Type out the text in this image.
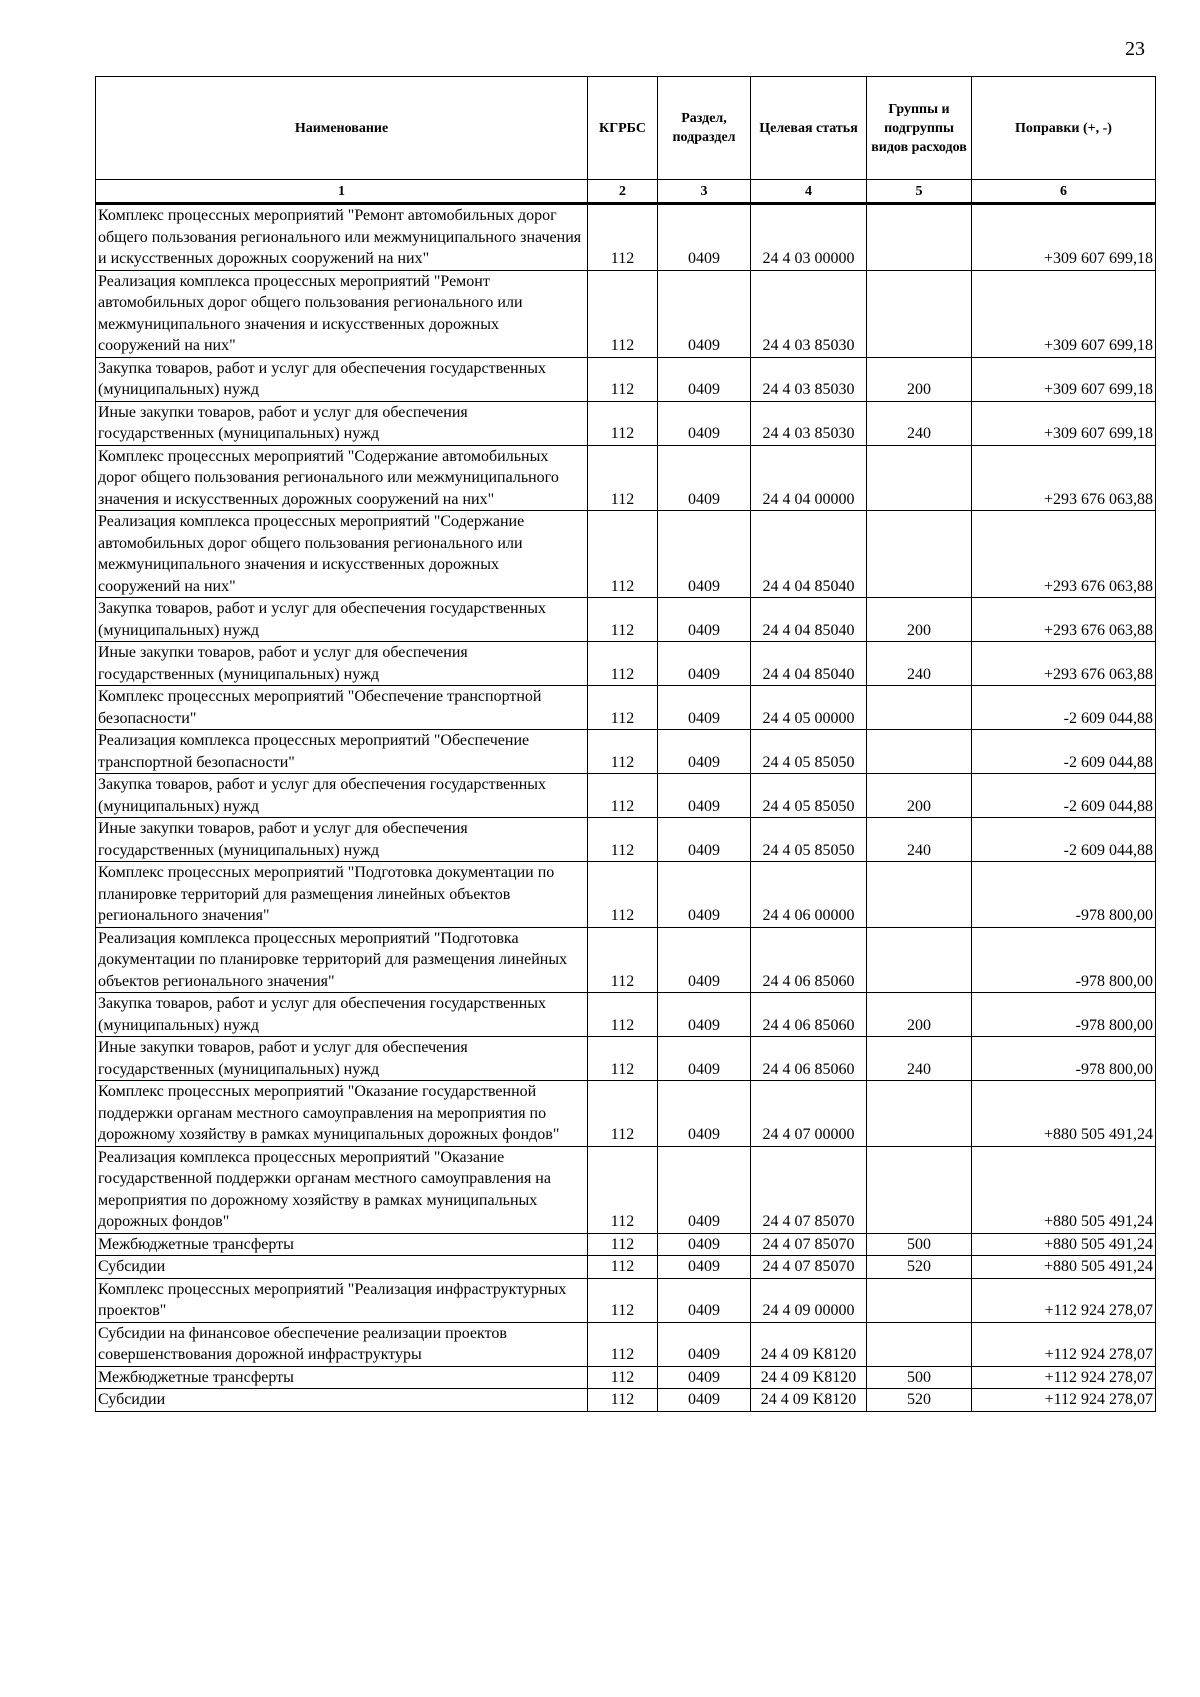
23
Наименование	КГРБС	Раздел, подраздел	Целевая статья	Группы и подгруппы видов расходов	Поправки (+, -)
1	2	3	4	5	6
Комплекс процессных мероприятий "Ремонт автомобильных дорог общего пользования регионального или межмуниципального значения и искусственных дорожных сооружений на них"	112	0409	24 4 03 00000		+309 607 699,18
Реализация комплекса процессных мероприятий "Ремонт автомобильных дорог общего пользования регионального или межмуниципального значения и искусственных дорожных сооружений на них"	112	0409	24 4 03 85030		+309 607 699,18
Закупка товаров, работ и услуг для обеспечения государственных (муниципальных) нужд	112	0409	24 4 03 85030	200	+309 607 699,18
Иные закупки товаров, работ и услуг для обеспечения государственных (муниципальных) нужд	112	0409	24 4 03 85030	240	+309 607 699,18
Комплекс процессных мероприятий "Содержание автомобильных дорог общего пользования регионального или межмуниципального значения и искусственных дорожных сооружений на них"	112	0409	24 4 04 00000		+293 676 063,88
Реализация комплекса процессных мероприятий "Содержание автомобильных дорог общего пользования регионального или межмуниципального значения и искусственных дорожных сооружений на них"	112	0409	24 4 04 85040		+293 676 063,88
Закупка товаров, работ и услуг для обеспечения государственных (муниципальных) нужд	112	0409	24 4 04 85040	200	+293 676 063,88
Иные закупки товаров, работ и услуг для обеспечения государственных (муниципальных) нужд	112	0409	24 4 04 85040	240	+293 676 063,88
Комплекс процессных мероприятий "Обеспечение транспортной безопасности"	112	0409	24 4 05 00000		-2 609 044,88
Реализация комплекса процессных мероприятий "Обеспечение транспортной безопасности"	112	0409	24 4 05 85050		-2 609 044,88
Закупка товаров, работ и услуг для обеспечения государственных (муниципальных) нужд	112	0409	24 4 05 85050	200	-2 609 044,88
Иные закупки товаров, работ и услуг для обеспечения государственных (муниципальных) нужд	112	0409	24 4 05 85050	240	-2 609 044,88
Комплекс процессных мероприятий "Подготовка документации по планировке территорий для размещения линейных объектов регионального значения"	112	0409	24 4 06 00000		-978 800,00
Реализация комплекса процессных мероприятий "Подготовка документации по планировке территорий для размещения линейных объектов регионального значения"	112	0409	24 4 06 85060		-978 800,00
Закупка товаров, работ и услуг для обеспечения государственных (муниципальных) нужд	112	0409	24 4 06 85060	200	-978 800,00
Иные закупки товаров, работ и услуг для обеспечения государственных (муниципальных) нужд	112	0409	24 4 06 85060	240	-978 800,00
Комплекс процессных мероприятий "Оказание государственной поддержки органам местного самоуправления на мероприятия по дорожному хозяйству в рамках муниципальных дорожных фондов"	112	0409	24 4 07 00000		+880 505 491,24
Реализация комплекса процессных мероприятий "Оказание государственной поддержки органам местного самоуправления на мероприятия по дорожному хозяйству в рамках муниципальных дорожных фондов"	112	0409	24 4 07 85070		+880 505 491,24
Межбюджетные трансферты	112	0409	24 4 07 85070	500	+880 505 491,24
Субсидии	112	0409	24 4 07 85070	520	+880 505 491,24
Комплекс процессных мероприятий "Реализация инфраструктурных проектов"	112	0409	24 4 09 00000		+112 924 278,07
Субсидии на финансовое обеспечение реализации проектов совершенствования дорожной инфраструктуры	112	0409	24 4 09 K8120		+112 924 278,07
Межбюджетные трансферты	112	0409	24 4 09 K8120	500	+112 924 278,07
Субсидии	112	0409	24 4 09 K8120	520	+112 924 278,07
